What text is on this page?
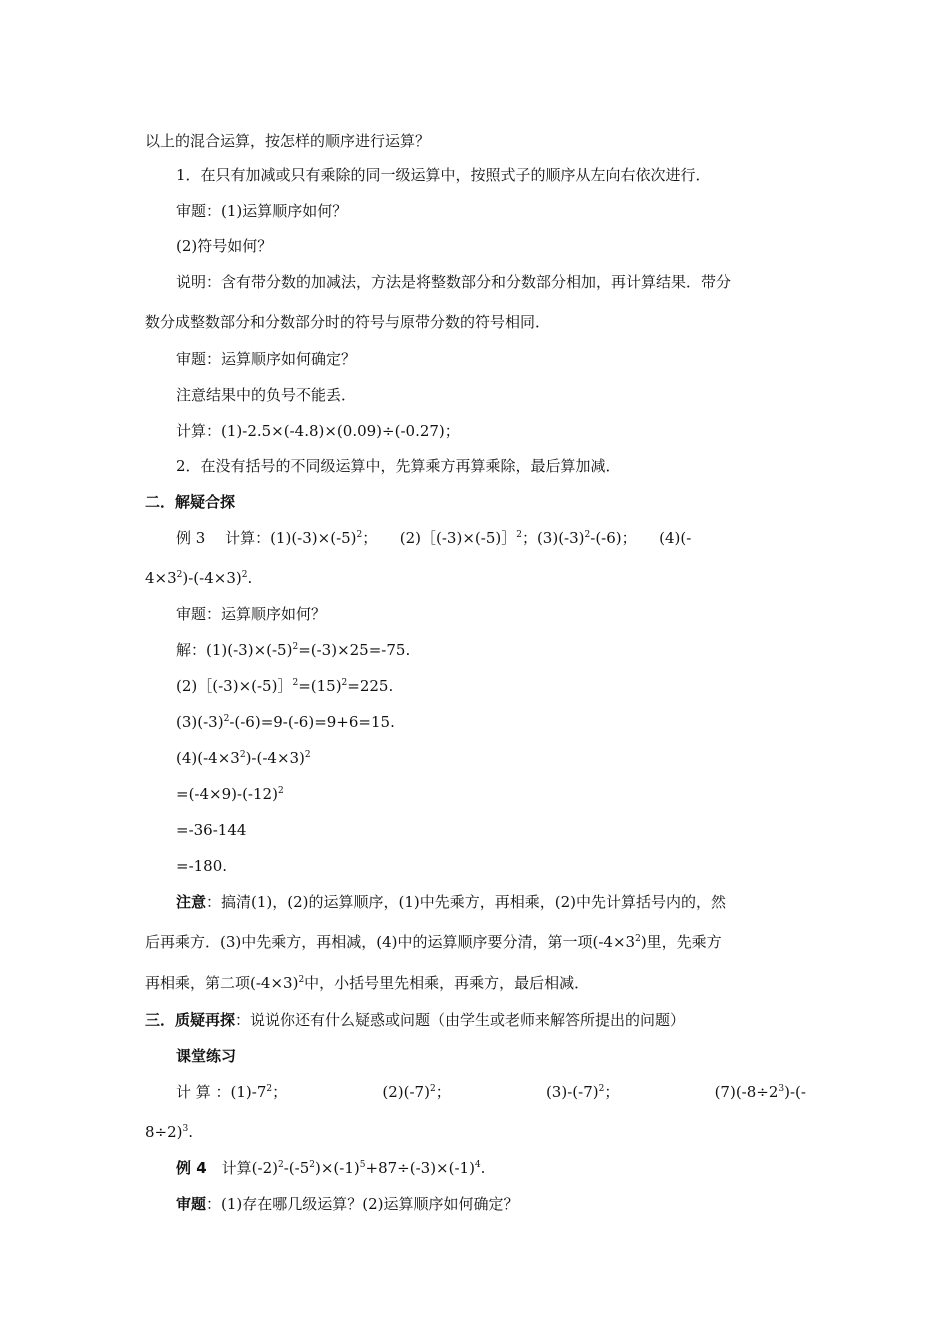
以上的混合运算，按怎样的顺序进行运算？
1．在只有加减或只有乘除的同一级运算中，按照式子的顺序从左向右依次进行．
审题：(1)运算顺序如何？
(2)符号如何？
说明：含有带分数的加减法，方法是将整数部分和分数部分相加，再计算结果．带分
数分成整数部分和分数部分时的符号与原带分数的符号相同．
审题：运算顺序如何确定？
注意结果中的负号不能丢．
计算：(1)-2.5×(-4.8)×(0.09)÷(-0.27)；
2．在没有括号的不同级运算中，先算乘方再算乘除，最后算加减．
二．解疑合探
例 3　 计算：$(1)(-3)\times(-5)^2$；　　(2)［(-3)×(-5)］$^2$；$(3)(-3)^2-(-6)$；　　(4)(-
$4\times 3^2)-(-4\times 3)^2$.
审题：运算顺序如何？
解：$(1)(-3)\times(-5)^2=(-3)\times 25=-75$.
$(2)[(-3)\times(-5)]^2=(15)^2=225$.
$(3)(-3)^2-(-6)=9-(-6)=9+6=15$.
$(4)(-4\times 3^2)-(-4\times 3)^2$
$=(-4\times 9)-(-12)^2$
=-36-144
=-180.
注意：搞清(1)，(2)的运算顺序，(1)中先乘方，再相乘，(2)中先计算括号内的，然
后再乘方．(3)中先乘方，再相减，(4)中的运算顺序要分清，第一项$(-4\times 3^2)$里，先乘方
再相乘，第二项$(-4\times 3)^2$中，小括号里先相乘，再乘方，最后相减．
三．质疑再探：说说你还有什么疑惑或问题（由学生或老师来解答所提出的问题）
课堂练习
计 算 ：$(1)-7^2$；	$(2)(-7)^2$；	$(3)-(-7)^2$；	$(7)(-8\div 2^3)-(-$
8÷2)$^3$.
例 4　计算$(-2)^2-(-5^2)\times(-1)^5+87\div(-3)\times(-1)^4$.
审题：(1)存在哪几级运算？(2)运算顺序如何确定？
